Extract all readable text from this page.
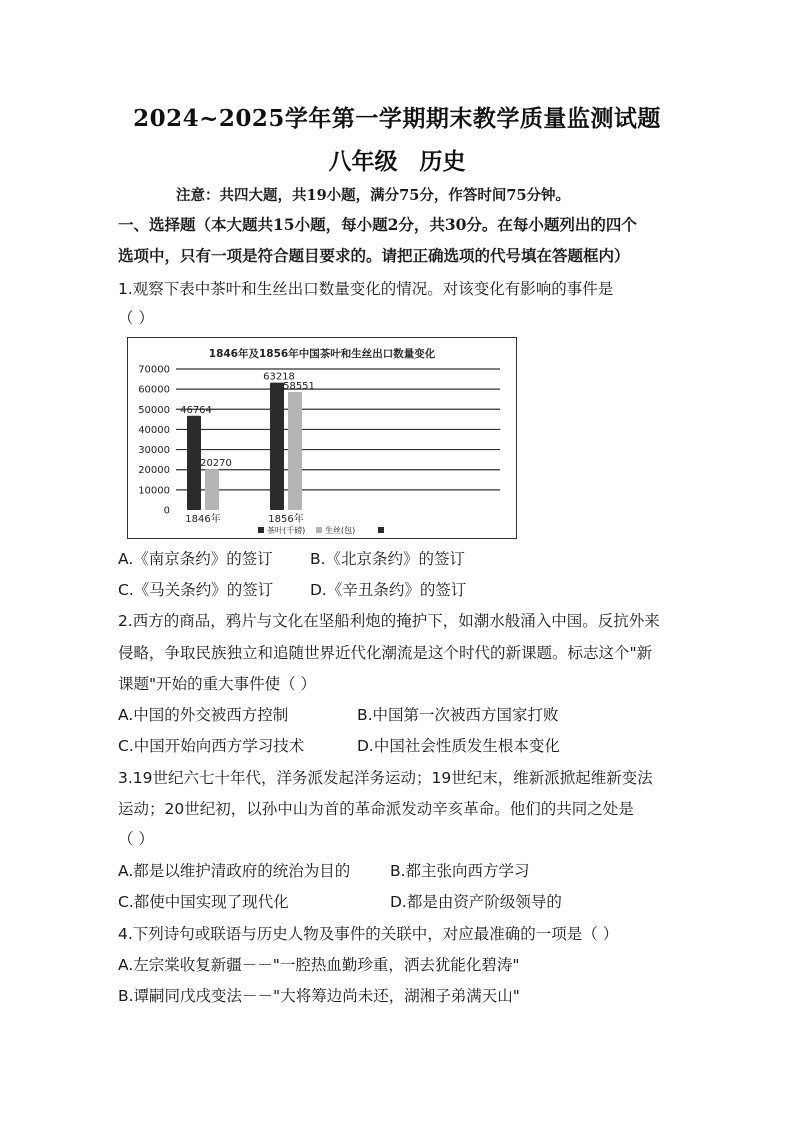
2024~2025学年第一学期期末教学质量监测试题
八年级 历史
注意：共四大题，共19小题，满分75分，作答时间75分钟。
一、选择题（本大题共15小题，每小题2分，共30分。在每小题列出的四个
选项中，只有一项是符合题目要求的。请把正确选项的代号填在答题框内）
1.观察下表中茶叶和生丝出口数量变化的情况。对该变化有影响的事件是
（ ）
1846年及1856年中国茶叶和生丝出口数量变化
0
10000
20000
30000
40000
50000
60000
70000
46764
20270
1846年
63218
58551
1856年
茶叶(千磅) 生丝(包)
A.《南京条约》的签订 B.《北京条约》的签订
C.《马关条约》的签订 D.《辛丑条约》的签订
2.西方的商品，鸦片与文化在坚船利炮的掩护下，如潮水般涌入中国。反抗外来
侵略，争取民族独立和追随世界近代化潮流是这个时代的新课题。标志这个"新
课题"开始的重大事件使（ ）
A.中国的外交被西方控制	B.中国第一次被西方国家打败
C.中国开始向西方学习技术	D.中国社会性质发生根本变化
3.19世纪六七十年代，洋务派发起洋务运动；19世纪末，维新派掀起维新变法
运动；20世纪初，以孙中山为首的革命派发动辛亥革命。他们的共同之处是
（ ）
A.都是以维护清政府的统治为目的	B.都主张向西方学习
C.都使中国实现了现代化	D.都是由资产阶级领导的
4.下列诗句或联语与历史人物及事件的关联中，对应最准确的一项是（ ）
A.左宗棠收复新疆－－"一腔热血勤珍重，洒去犹能化碧涛"
B.谭嗣同戊戌变法－－"大将筹边尚未还，湖湘子弟满天山"
